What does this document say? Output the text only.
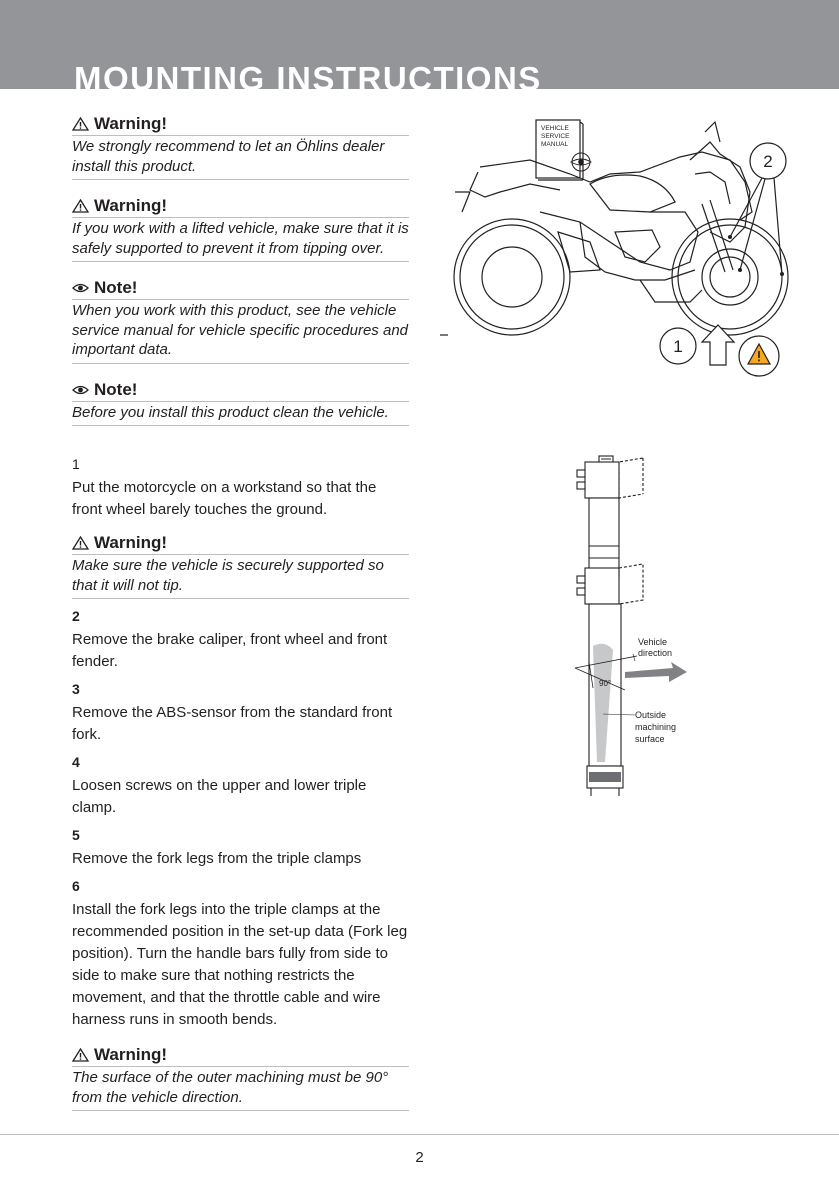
MOUNTING INSTRUCTIONS
Warning!
We strongly recommend to let an Öhlins dealer install this product.
Warning!
If you work with a lifted vehicle, make sure that it is safely supported to prevent it from tipping over.
Note!
When you work with this product, see the vehicle service manual for vehicle specific procedures and important data.
Note!
Before you install this product clean the vehicle.
1
Put the motorcycle on a workstand so that the front wheel barely touches the ground.
Warning!
Make sure the vehicle is securely supported so that it will not tip.
2
Remove the brake caliper, front wheel and front fender.
3
Remove the ABS-sensor from the standard front fork.
4
Loosen screws on the upper and lower triple clamp.
5
Remove the fork legs from the triple clamps
6
Install the fork legs into the triple clamps at the recommended position in the set-up data (Fork leg position). Turn the handle bars fully from side to side to make sure that nothing restricts the movement, and that the throttle cable and wire harness runs in smooth bends.
Warning!
The surface of the outer machining must be 90° from the vehicle direction.
VEHICLE
SERVICE
MANUAL
1
2
Vehicle
direction
90°
Outside
machining
surface
2
